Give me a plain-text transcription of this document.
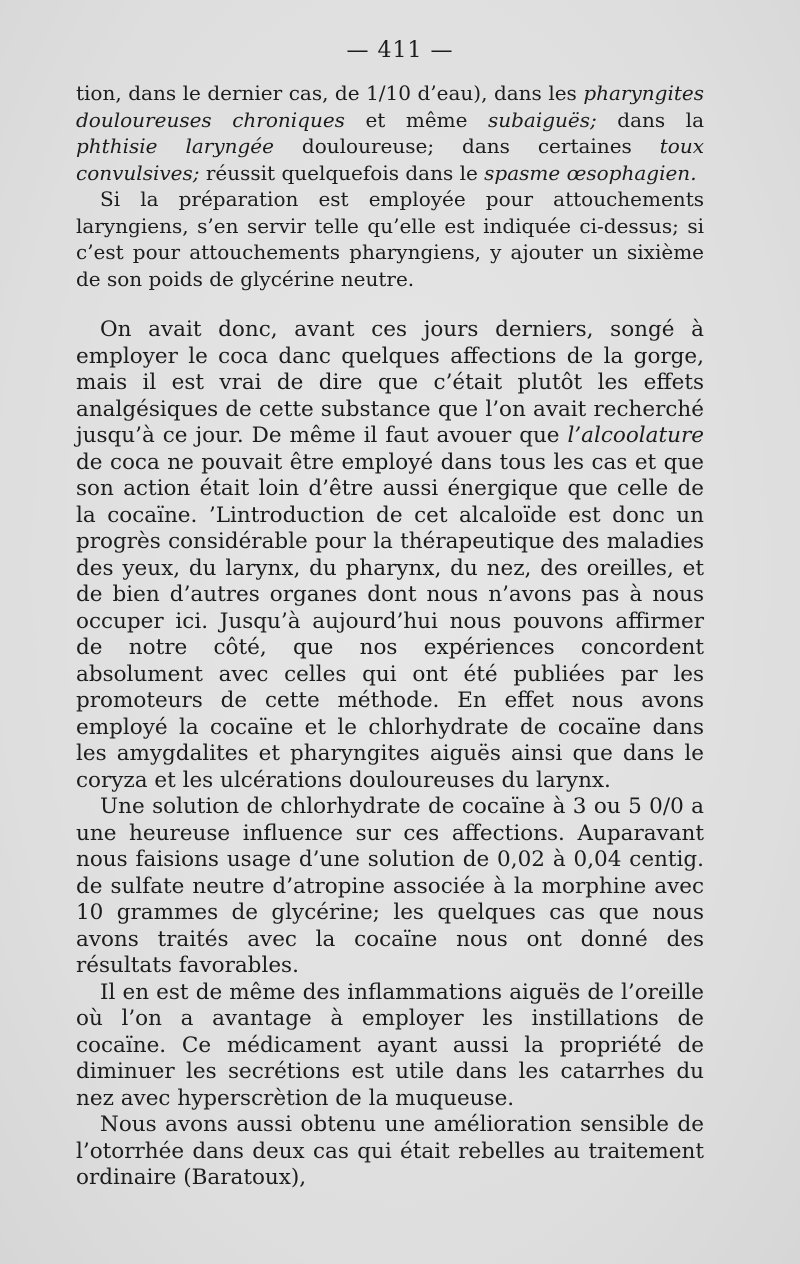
— 411 —

tion, dans le dernier cas, de 1/10 d’eau), dans les pharyngites douloureuses chroniques et même subaiguës; dans la phthisie laryngée douloureuse; dans certaines toux convulsives; réussit quelquefois dans le spasme œsophagien.

Si la préparation est employée pour attouchements laryngiens, s’en servir telle qu’elle est indiquée ci-dessus; si c’est pour attouchements pharyngiens, y ajouter un sixième de son poids de glycérine neutre.

On avait donc, avant ces jours derniers, songé à employer le coca danc quelques affections de la gorge, mais il est vrai de dire que c’était plutôt les effets analgésiques de cette substance que l’on avait recherché jusqu’à ce jour. De même il faut avouer que l’alcoolature de coca ne pouvait être employé dans tous les cas et que son action était loin d’être aussi énergique que celle de la cocaïne. ’Lintroduction de cet alcaloïde est donc un progrès considérable pour la thérapeutique des maladies des yeux, du larynx, du pharynx, du nez, des oreilles, et de bien d’autres organes dont nous n’avons pas à nous occuper ici. Jusqu’à aujourd’hui nous pouvons affirmer de notre côté, que nos expériences concordent absolument avec celles qui ont été publiées par les promoteurs de cette méthode. En effet nous avons employé la cocaïne et le chlorhydrate de cocaïne dans les amygdalites et pharyngites aiguës ainsi que dans le coryza et les ulcérations douloureuses du larynx.

Une solution de chlorhydrate de cocaïne à 3 ou 5 0/0 a une heureuse influence sur ces affections. Auparavant nous faisions usage d’une solution de 0,02 à 0,04 centig. de sulfate neutre d’atropine associée à la morphine avec 10 grammes de glycérine; les quelques cas que nous avons traités avec la cocaïne nous ont donné des résultats favorables.

Il en est de même des inflammations aiguës de l’oreille où l’on a avantage à employer les instillations de cocaïne. Ce médicament ayant aussi la propriété de diminuer les secrétions est utile dans les catarrhes du nez avec hyperscrètion de la muqueuse.

Nous avons aussi obtenu une amélioration sensible de l’otorrhée dans deux cas qui était rebelles au traitement ordinaire (Baratoux),
